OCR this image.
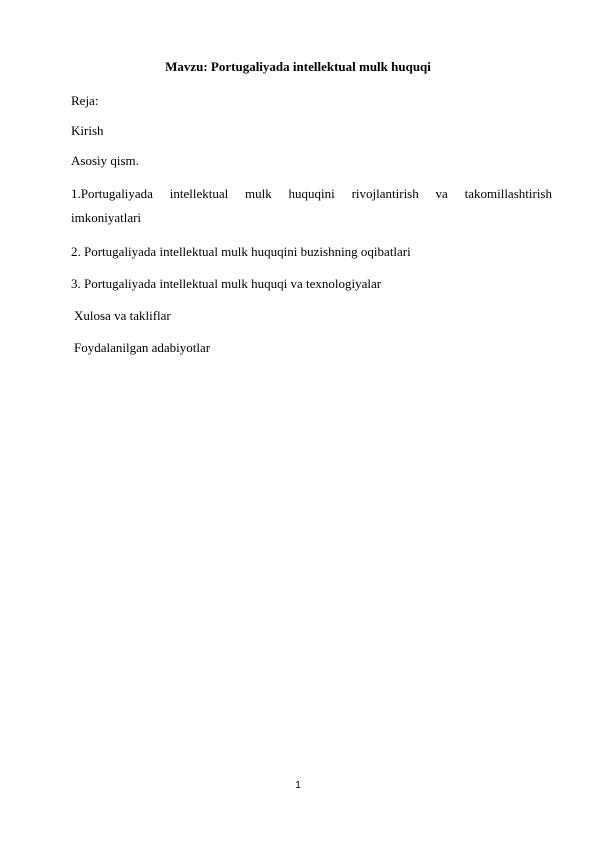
Mavzu: Portugaliyada intellektual mulk huquqi
Reja:
Kirish
Asosiy qism.
1.Portugaliyada intellektual mulk huquqini rivojlantirish va takomillashtirish
imkoniyatlari
2. Portugaliyada intellektual mulk huquqini buzishning oqibatlari
3. Portugaliyada intellektual mulk huquqi va texnologiyalar
Xulosa va takliflar
Foydalanilgan adabiyotlar
1
